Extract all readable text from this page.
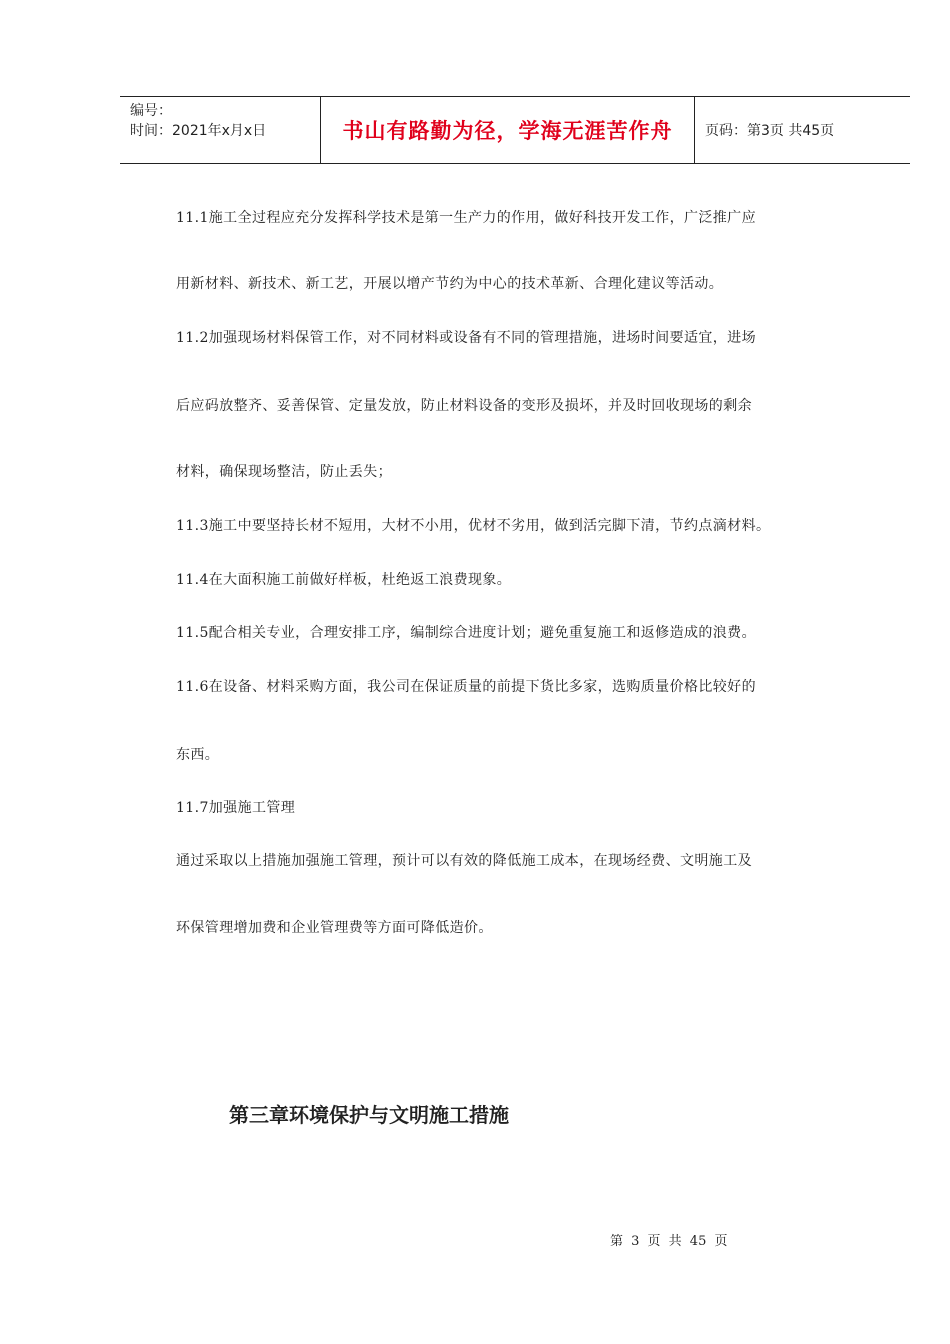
编号：
时间：2021年x月x日	书山有路勤为径，学海无涯苦作舟 页码：第3页 共45页
11.1施工全过程应充分发挥科学技术是第一生产力的作用，做好科技开发工作，广泛推广应
用新材料、新技术、新工艺，开展以增产节约为中心的技术革新、合理化建议等活动。
11.2加强现场材料保管工作，对不同材料或设备有不同的管理措施，进场时间要适宜，进场
后应码放整齐、妥善保管、定量发放，防止材料设备的变形及损坏，并及时回收现场的剩余
材料，确保现场整洁，防止丢失；
11.3施工中要坚持长材不短用，大材不小用，优材不劣用，做到活完脚下清，节约点滴材料。
11.4在大面积施工前做好样板，杜绝返工浪费现象。
11.5配合相关专业，合理安排工序，编制综合进度计划；避免重复施工和返修造成的浪费。
11.6在设备、材料采购方面，我公司在保证质量的前提下货比多家，选购质量价格比较好的
东西。
11.7加强施工管理
通过采取以上措施加强施工管理，预计可以有效的降低施工成本，在现场经费、文明施工及
环保管理增加费和企业管理费等方面可降低造价。
第三章环境保护与文明施工措施
第 3 页 共 45 页
